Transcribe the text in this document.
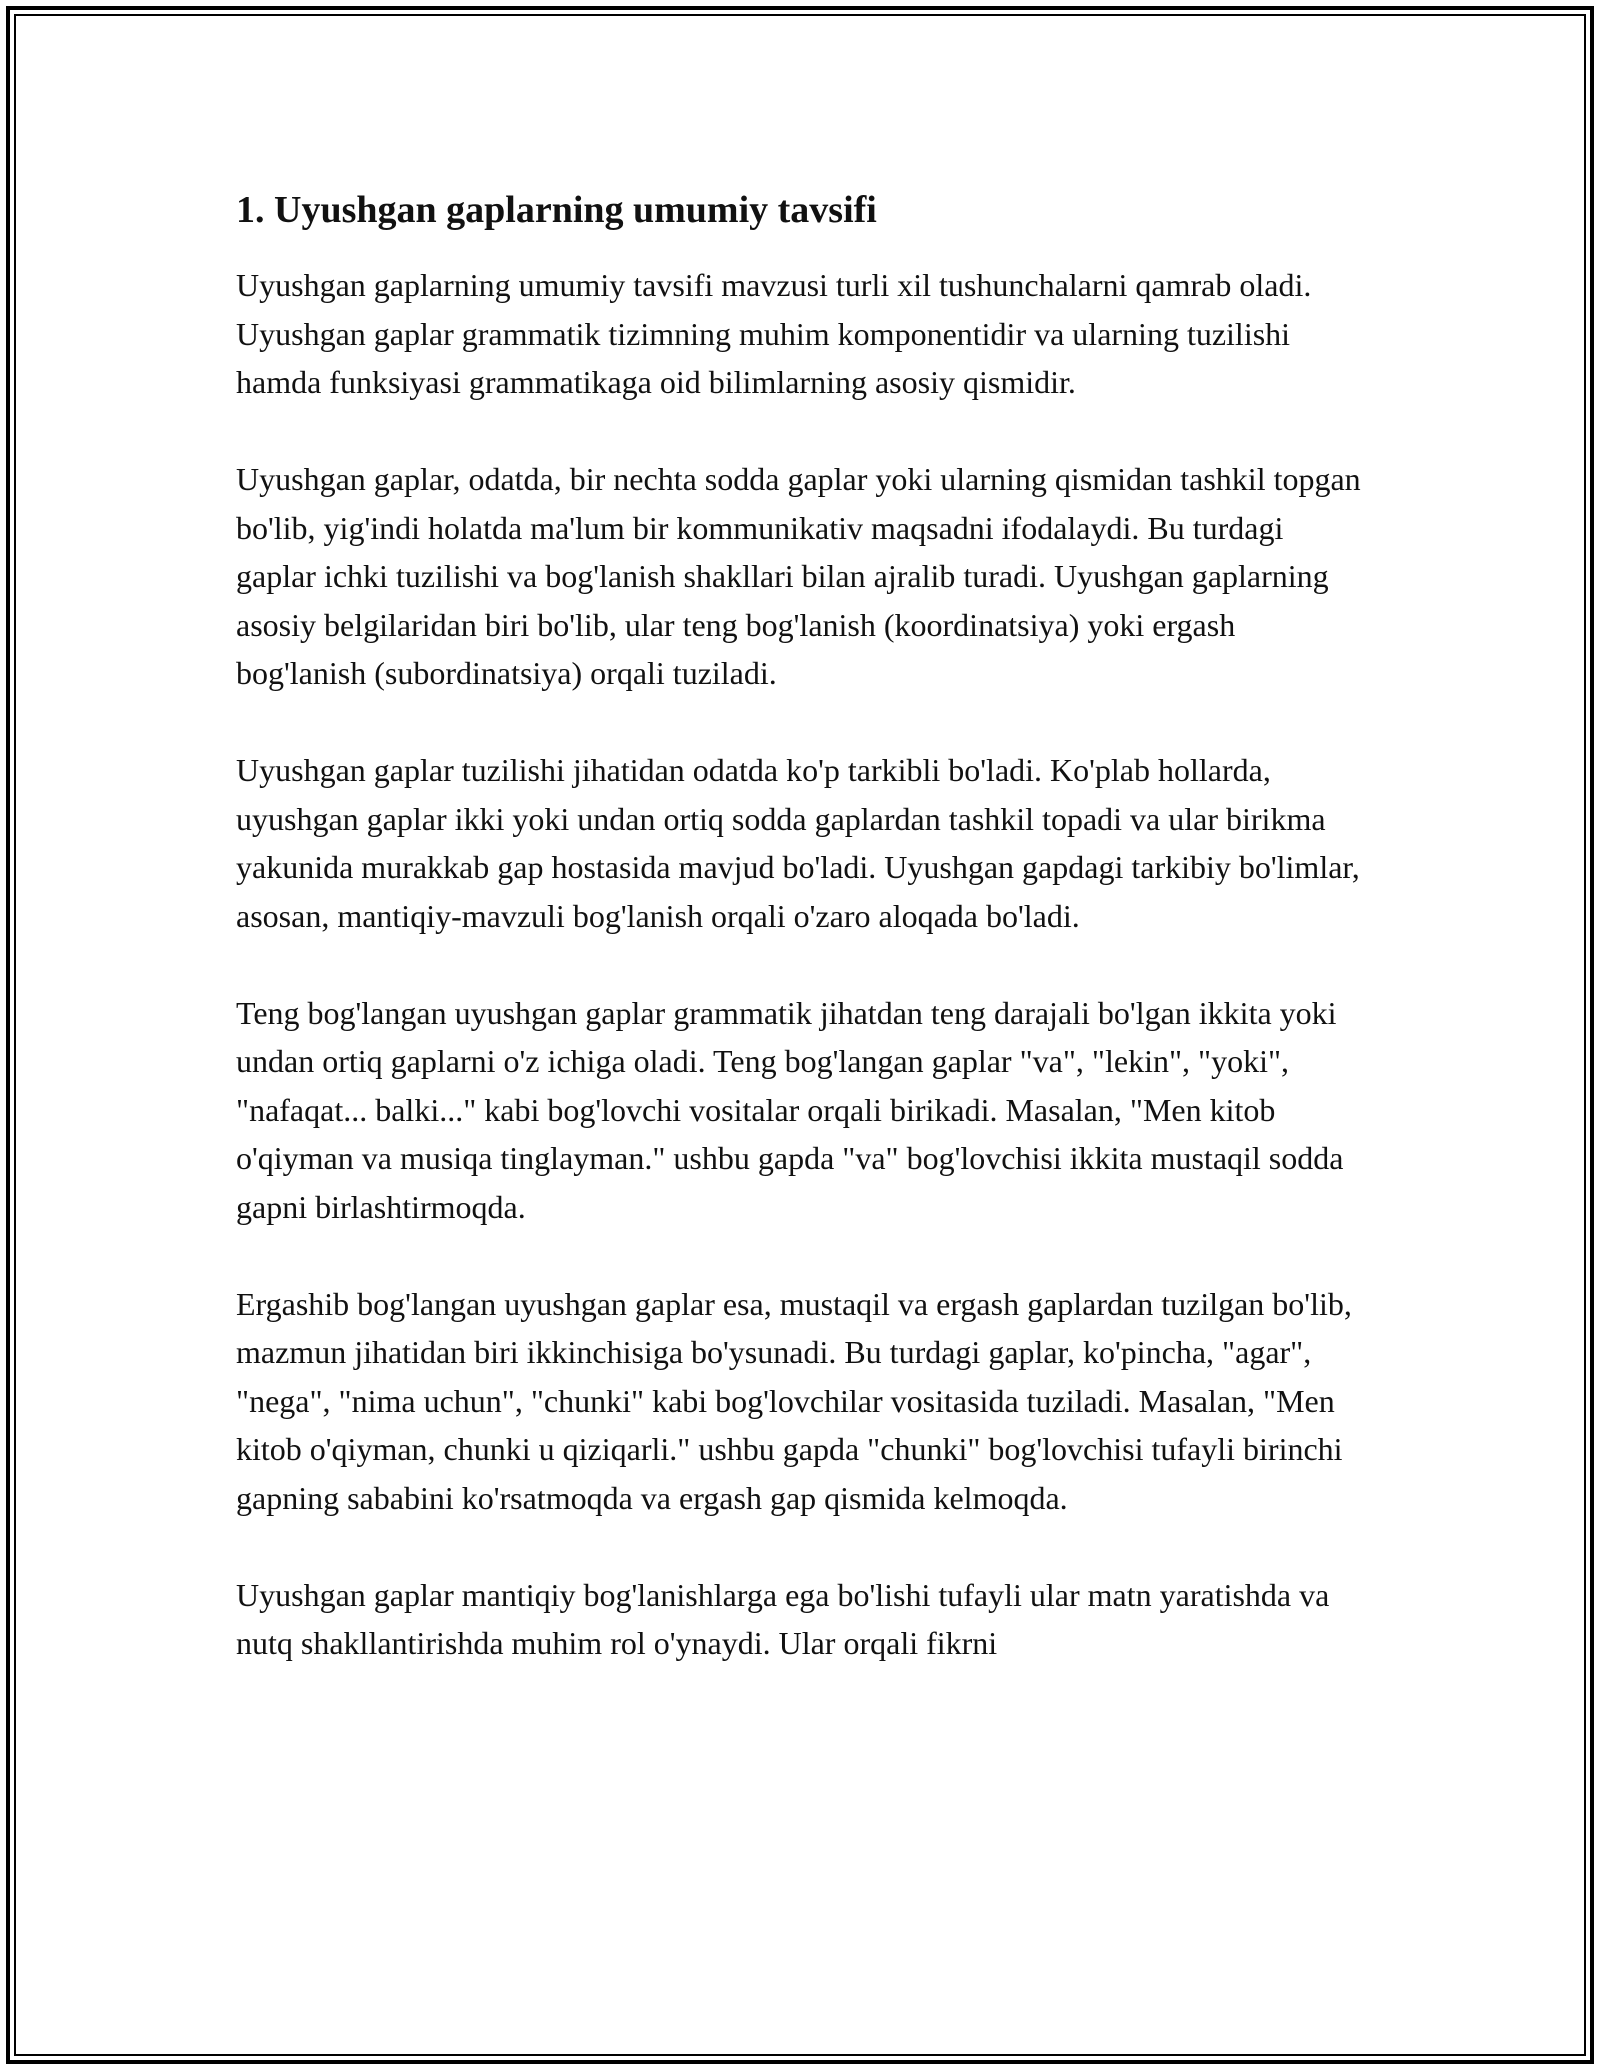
1. Uyushgan gaplarning umumiy tavsifi

Uyushgan gaplarning umumiy tavsifi mavzusi turli xil tushunchalarni qamrab oladi. Uyushgan gaplar grammatik tizimning muhim komponentidir va ularning tuzilishi hamda funksiyasi grammatikaga oid bilimlarning asosiy qismidir.

Uyushgan gaplar, odatda, bir nechta sodda gaplar yoki ularning qismidan tashkil topgan bo'lib, yig'indi holatda ma'lum bir kommunikativ maqsadni ifodalaydi. Bu turdagi gaplar ichki tuzilishi va bog'lanish shakllari bilan ajralib turadi. Uyushgan gaplarning asosiy belgilaridan biri bo'lib, ular teng bog'lanish (koordinatsiya) yoki ergash bog'lanish (subordinatsiya) orqali tuziladi.

Uyushgan gaplar tuzilishi jihatidan odatda ko'p tarkibli bo'ladi. Ko'plab hollarda, uyushgan gaplar ikki yoki undan ortiq sodda gaplardan tashkil topadi va ular birikma yakunida murakkab gap hostasida mavjud bo'ladi. Uyushgan gapdagi tarkibiy bo'limlar, asosan, mantiqiy-mavzuli bog'lanish orqali o'zaro aloqada bo'ladi.

Teng bog'langan uyushgan gaplar grammatik jihatdan teng darajali bo'lgan ikkita yoki undan ortiq gaplarni o'z ichiga oladi. Teng bog'langan gaplar "va", "lekin", "yoki", "nafaqat... balki..." kabi bog'lovchi vositalar orqali birikadi. Masalan, "Men kitob o'qiyman va musiqa tinglayman." ushbu gapda "va" bog'lovchisi ikkita mustaqil sodda gapni birlashtirmoqda.

Ergashib bog'langan uyushgan gaplar esa, mustaqil va ergash gaplardan tuzilgan bo'lib, mazmun jihatidan biri ikkinchisiga bo'ysunadi. Bu turdagi gaplar, ko'pincha, "agar", "nega", "nima uchun", "chunki" kabi bog'lovchilar vositasida tuziladi. Masalan, "Men kitob o'qiyman, chunki u qiziqarli." ushbu gapda "chunki" bog'lovchisi tufayli birinchi gapning sababini ko'rsatmoqda va ergash gap qismida kelmoqda.

Uyushgan gaplar mantiqiy bog'lanishlarga ega bo'lishi tufayli ular matn yaratishda va nutq shakllantirishda muhim rol o'ynaydi. Ular orqali fikrni
